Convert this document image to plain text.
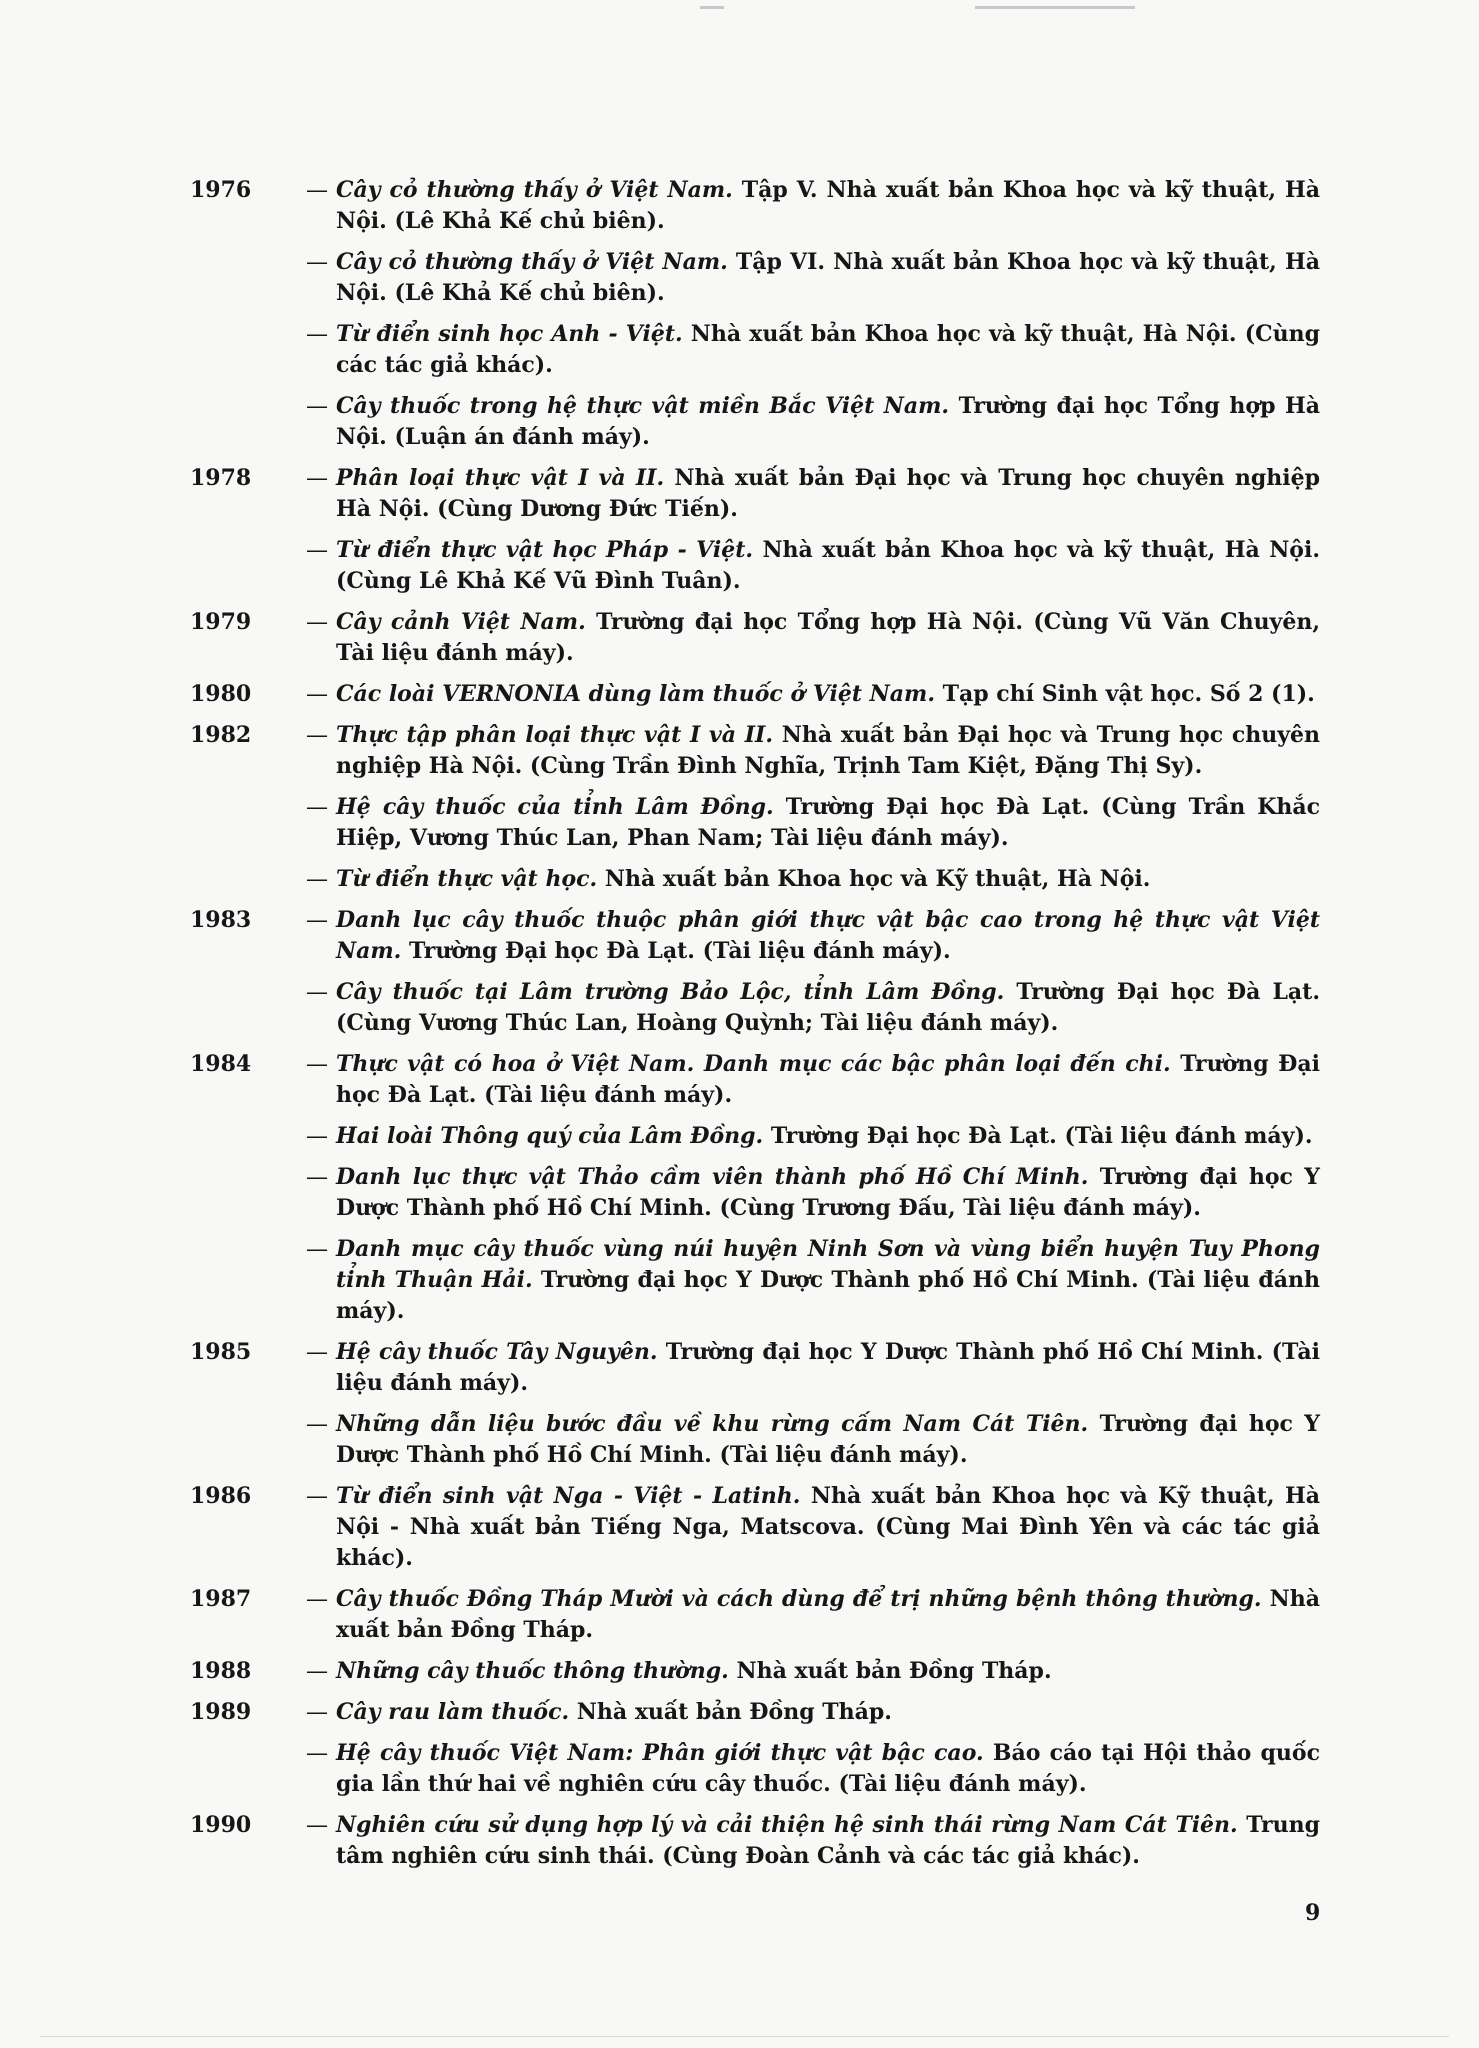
1976	— Cây cỏ thường thấy ở Việt Nam. Tập V. Nhà xuất bản Khoa học và kỹ thuật, Hà Nội. (Lê Khả Kế chủ biên).
— Cây cỏ thường thấy ở Việt Nam. Tập VI. Nhà xuất bản Khoa học và kỹ thuật, Hà Nội. (Lê Khả Kế chủ biên).
— Từ điển sinh học Anh - Việt. Nhà xuất bản Khoa học và kỹ thuật, Hà Nội. (Cùng các tác giả khác).
— Cây thuốc trong hệ thực vật miền Bắc Việt Nam. Trường đại học Tổng hợp Hà Nội. (Luận án đánh máy).
1978	— Phân loại thực vật I và II. Nhà xuất bản Đại học và Trung học chuyên nghiệp Hà Nội. (Cùng Dương Đức Tiến).
— Từ điển thực vật học Pháp - Việt. Nhà xuất bản Khoa học và kỹ thuật, Hà Nội. (Cùng Lê Khả Kế Vũ Đình Tuân).
1979	— Cây cảnh Việt Nam. Trường đại học Tổng hợp Hà Nội. (Cùng Vũ Văn Chuyên, Tài liệu đánh máy).
1980	— Các loài VERNONIA dùng làm thuốc ở Việt Nam. Tạp chí Sinh vật học. Số 2 (1).
1982	— Thực tập phân loại thực vật I và II. Nhà xuất bản Đại học và Trung học chuyên nghiệp Hà Nội. (Cùng Trần Đình Nghĩa, Trịnh Tam Kiệt, Đặng Thị Sy).
— Hệ cây thuốc của tỉnh Lâm Đồng. Trường Đại học Đà Lạt. (Cùng Trần Khắc Hiệp, Vương Thúc Lan, Phan Nam; Tài liệu đánh máy).
— Từ điển thực vật học. Nhà xuất bản Khoa học và Kỹ thuật, Hà Nội.
1983	— Danh lục cây thuốc thuộc phân giới thực vật bậc cao trong hệ thực vật Việt Nam. Trường Đại học Đà Lạt. (Tài liệu đánh máy).
— Cây thuốc tại Lâm trường Bảo Lộc, tỉnh Lâm Đồng. Trường Đại học Đà Lạt. (Cùng Vương Thúc Lan, Hoàng Quỳnh; Tài liệu đánh máy).
1984	— Thực vật có hoa ở Việt Nam. Danh mục các bậc phân loại đến chi. Trường Đại học Đà Lạt. (Tài liệu đánh máy).
— Hai loài Thông quý của Lâm Đồng. Trường Đại học Đà Lạt. (Tài liệu đánh máy).
— Danh lục thực vật Thảo cầm viên thành phố Hồ Chí Minh. Trường đại học Y Dược Thành phố Hồ Chí Minh. (Cùng Trương Đấu, Tài liệu đánh máy).
— Danh mục cây thuốc vùng núi huyện Ninh Sơn và vùng biển huyện Tuy Phong tỉnh Thuận Hải. Trường đại học Y Dược Thành phố Hồ Chí Minh. (Tài liệu đánh máy).
1985	— Hệ cây thuốc Tây Nguyên. Trường đại học Y Dược Thành phố Hồ Chí Minh. (Tài liệu đánh máy).
— Những dẫn liệu bước đầu về khu rừng cấm Nam Cát Tiên. Trường đại học Y Dược Thành phố Hồ Chí Minh. (Tài liệu đánh máy).
1986	— Từ điển sinh vật Nga - Việt - Latinh. Nhà xuất bản Khoa học và Kỹ thuật, Hà Nội - Nhà xuất bản Tiếng Nga, Matscova. (Cùng Mai Đình Yên và các tác giả khác).
1987	— Cây thuốc Đồng Tháp Mười và cách dùng để trị những bệnh thông thường. Nhà xuất bản Đồng Tháp.
1988	— Những cây thuốc thông thường. Nhà xuất bản Đồng Tháp.
1989	— Cây rau làm thuốc. Nhà xuất bản Đồng Tháp.
— Hệ cây thuốc Việt Nam: Phân giới thực vật bậc cao. Báo cáo tại Hội thảo quốc gia lần thứ hai về nghiên cứu cây thuốc. (Tài liệu đánh máy).
1990	— Nghiên cứu sử dụng hợp lý và cải thiện hệ sinh thái rừng Nam Cát Tiên. Trung tâm nghiên cứu sinh thái. (Cùng Đoàn Cảnh và các tác giả khác).
9
